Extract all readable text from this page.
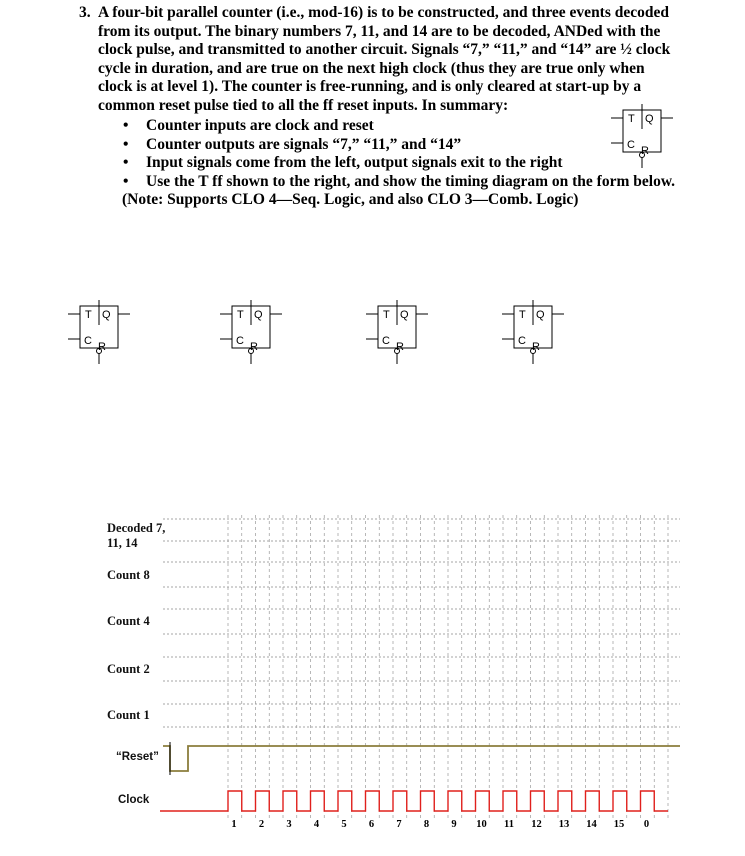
3. A four-bit parallel counter (i.e., mod-16) is to be constructed, and three events decoded
from its output. The binary numbers 7, 11, and 14 are to be decoded, ANDed with the
clock pulse, and transmitted to another circuit. Signals “7,” “11,” and “14” are ½ clock
cycle in duration, and are true on the next high clock (thus they are true only when
clock is at level 1). The counter is free-running, and is only cleared at start-up by a
common reset pulse tied to all the ff reset inputs. In summary:
• Counter inputs are clock and reset
• Counter outputs are signals “7,” “11,” and “14”
• Input signals come from the left, output signals exit to the right
• Use the T ff shown to the right, and show the timing diagram on the form below.
(Note: Supports CLO 4—Seq. Logic, and also CLO 3—Comb. Logic)
T Q
C R
T Q
C R
T Q
C R
T Q
C R
T Q
C R
1 2 3 4 5 6 7 8 9 10 11 12 13 14 15 0
Decoded 7,
11, 14
Count 8
Count 4
Count 2
Count 1
“Reset”
Clock
